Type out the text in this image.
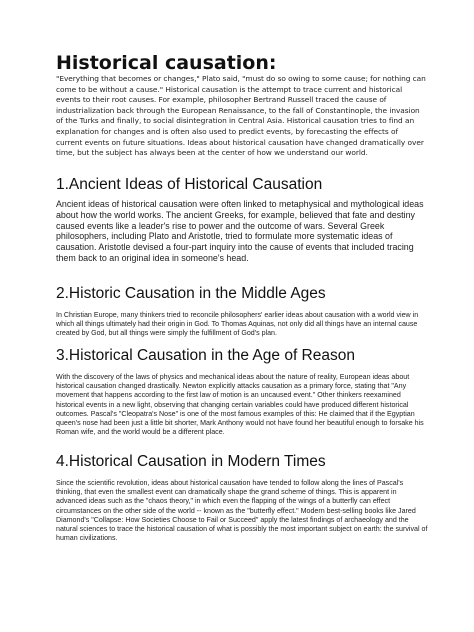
Historical causation:

"Everything that becomes or changes," Plato said, "must do so owing to some cause; for nothing can come to be without a cause." Historical causation is the attempt to trace current and historical events to their root causes. For example, philosopher Bertrand Russell traced the cause of industrialization back through the European Renaissance, to the fall of Constantinople, the invasion of the Turks and finally, to social disintegration in Central Asia. Historical causation tries to find an explanation for changes and is often also used to predict events, by forecasting the effects of current events on future situations. Ideas about historical causation have changed dramatically over time, but the subject has always been at the center of how we understand our world.

1.Ancient Ideas of Historical Causation

Ancient ideas of historical causation were often linked to metaphysical and mythological ideas about how the world works. The ancient Greeks, for example, believed that fate and destiny caused events like a leader's rise to power and the outcome of wars. Several Greek philosophers, including Plato and Aristotle, tried to formulate more systematic ideas of causation. Aristotle devised a four-part inquiry into the cause of events that included tracing them back to an original idea in someone's head.

2.Historic Causation in the Middle Ages

In Christian Europe, many thinkers tried to reconcile philosophers' earlier ideas about causation with a world view in which all things ultimately had their origin in God. To Thomas Aquinas, not only did all things have an internal cause created by God, but all things were simply the fulfillment of God's plan.

3.Historical Causation in the Age of Reason

With the discovery of the laws of physics and mechanical ideas about the nature of reality, European ideas about historical causation changed drastically. Newton explicitly attacks causation as a primary force, stating that "Any movement that happens according to the first law of motion is an uncaused event." Other thinkers reexamined historical events in a new light, observing that changing certain variables could have produced different historical outcomes. Pascal's "Cleopatra's Nose" is one of the most famous examples of this: He claimed that if the Egyptian queen's nose had been just a little bit shorter, Mark Anthony would not have found her beautiful enough to forsake his Roman wife, and the world would be a different place.

4.Historical Causation in Modern Times

Since the scientific revolution, ideas about historical causation have tended to follow along the lines of Pascal's thinking, that even the smallest event can dramatically shape the grand scheme of things. This is apparent in advanced ideas such as the "chaos theory," in which even the flapping of the wings of a butterfly can effect circumstances on the other side of the world -- known as the "butterfly effect." Modern best-selling books like Jared Diamond's "Collapse: How Societies Choose to Fail or Succeed" apply the latest findings of archaeology and the natural sciences to trace the historical causation of what is possibly the most important subject on earth: the survival of human civilizations.
